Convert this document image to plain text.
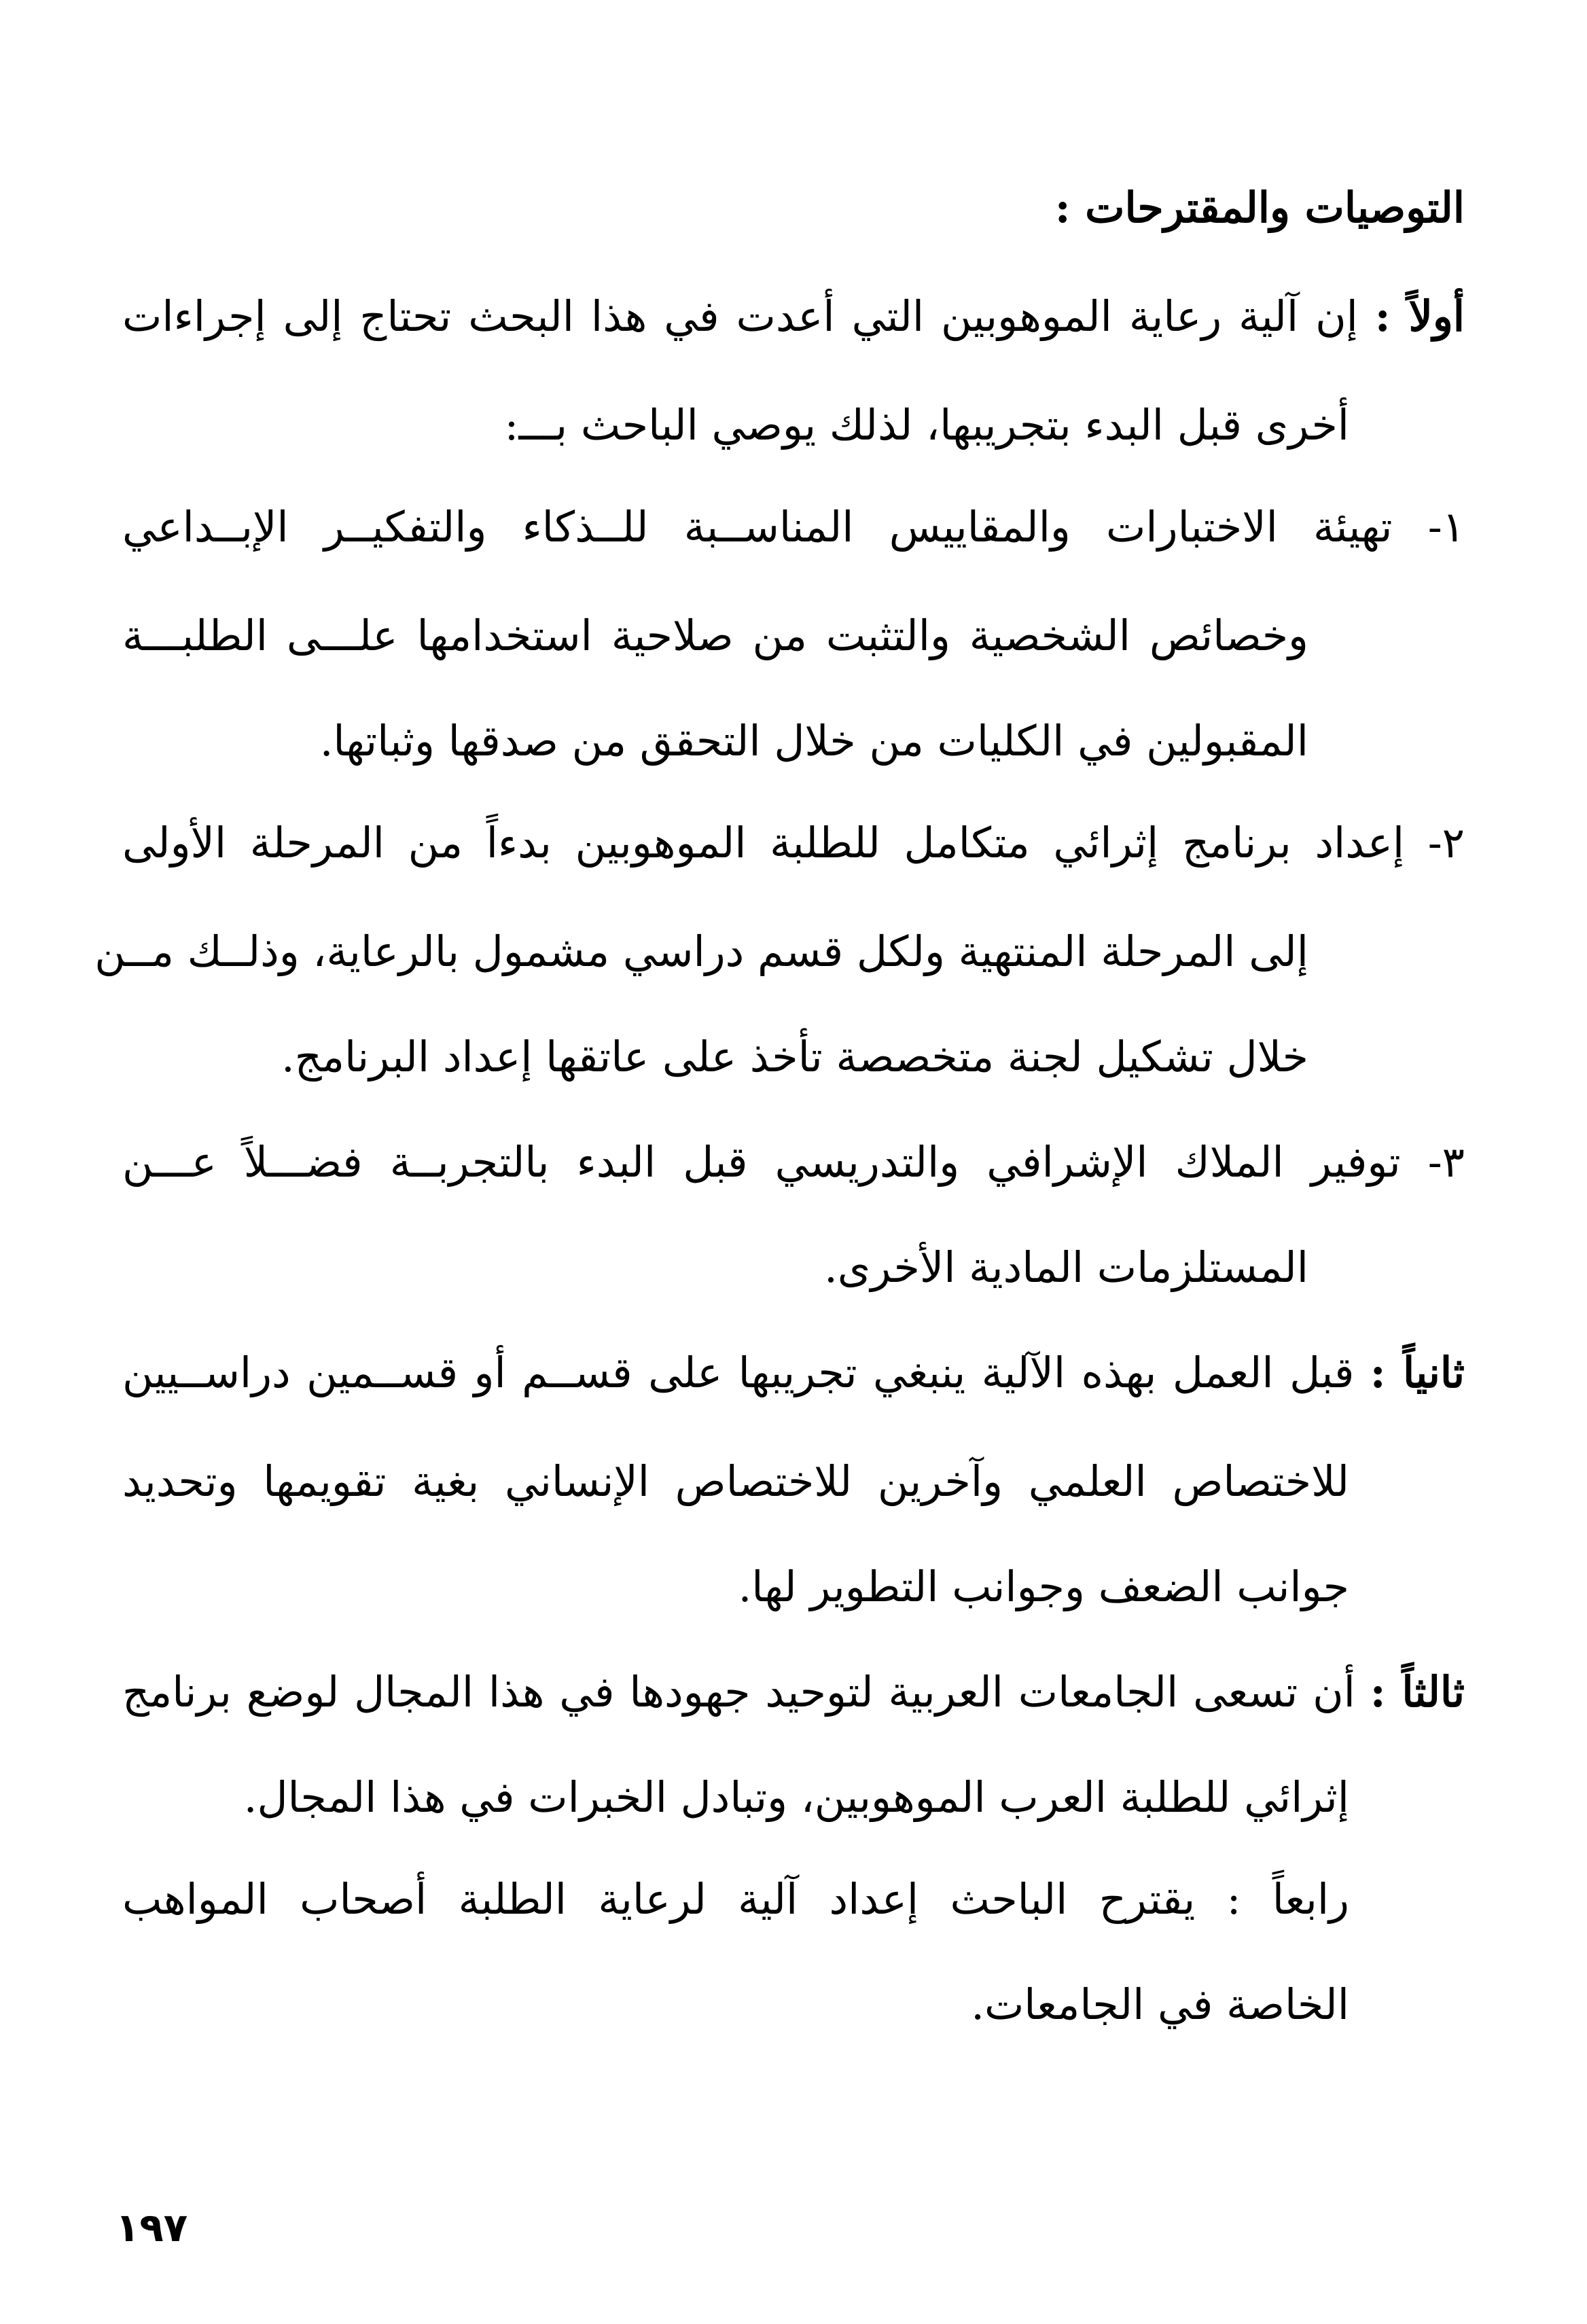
التوصيات والمقترحات :
أولاً : إن آلية رعاية الموهوبين التي أعدت في هذا البحث تحتاج إلى إجراءات
أخرى قبل البدء بتجريبها، لذلك يوصي الباحث بـــ:
١- تهيئة الاختبارات والمقاييس المناســبة للــذكاء والتفكيــر الإبــداعي
وخصائص الشخصية والتثبت من صلاحية استخدامها علـــى الطلبـــة
المقبولين في الكليات من خلال التحقق من صدقها وثباتها.
٢- إعداد برنامج إثرائي متكامل للطلبة الموهوبين بدءاً من المرحلة الأولى
إلى المرحلة المنتهية ولكل قسم دراسي مشمول بالرعاية، وذلــك مــن
خلال تشكيل لجنة متخصصة تأخذ على عاتقها إعداد البرنامج.
٣- توفير الملاك الإشرافي والتدريسي قبل البدء بالتجربــة فضـــلاً عـــن
المستلزمات المادية الأخرى.
ثانياً : قبل العمل بهذه الآلية ينبغي تجريبها على قســم أو قســمين دراســيين
للاختصاص العلمي وآخرين للاختصاص الإنساني بغية تقويمها وتحديد
جوانب الضعف وجوانب التطوير لها.
ثالثاً : أن تسعى الجامعات العربية لتوحيد جهودها في هذا المجال لوضع برنامج
إثرائي للطلبة العرب الموهوبين، وتبادل الخبرات في هذا المجال.
رابعاً : يقترح الباحث إعداد آلية لرعاية الطلبة أصحاب المواهب
الخاصة في الجامعات.
١٩٧
